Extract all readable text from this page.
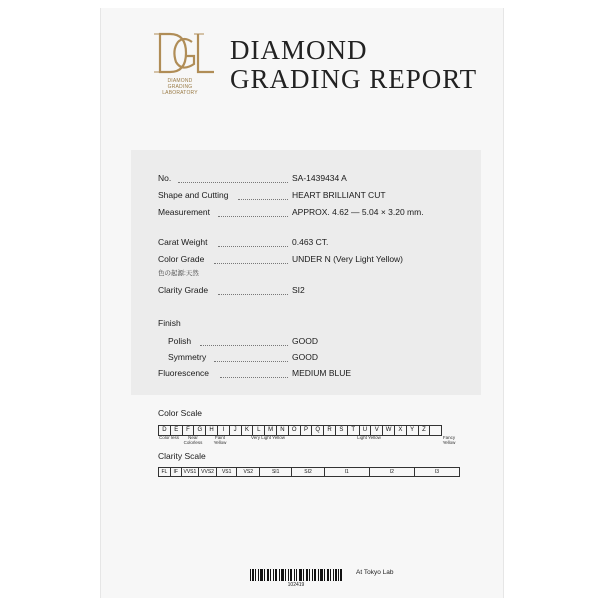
DIAMOND
GRADING
LABORATORY
DIAMOND
GRADING REPORT
No.	SA-1439434 A
Shape and Cutting	HEART BRILLIANT CUT
Measurement	APPROX. 4.62 — 5.04 × 3.20 mm.
Carat Weight	0.463 CT.
Color Grade	UNDER N (Very Light Yellow)
色の起源:天然
Clarity Grade	SI2
Finish
Polish	GOOD
Symmetry	GOOD
Fluorescence	MEDIUM BLUE
Color Scale
D	E	F	G	H	I	J	K	L	M	N	O	P	Q	R	S	T	U	V	W	X	Y	Z
Color less	Near Colorless
Faint Yellow
Very Light Yellow	Light Yellow	Fancy Yellow
Clarity Scale
FL	IF	VVS1 VVS2	VS1	VS2	SI1	SI2	I1	I2	I3
102419
At Tokyo Lab
